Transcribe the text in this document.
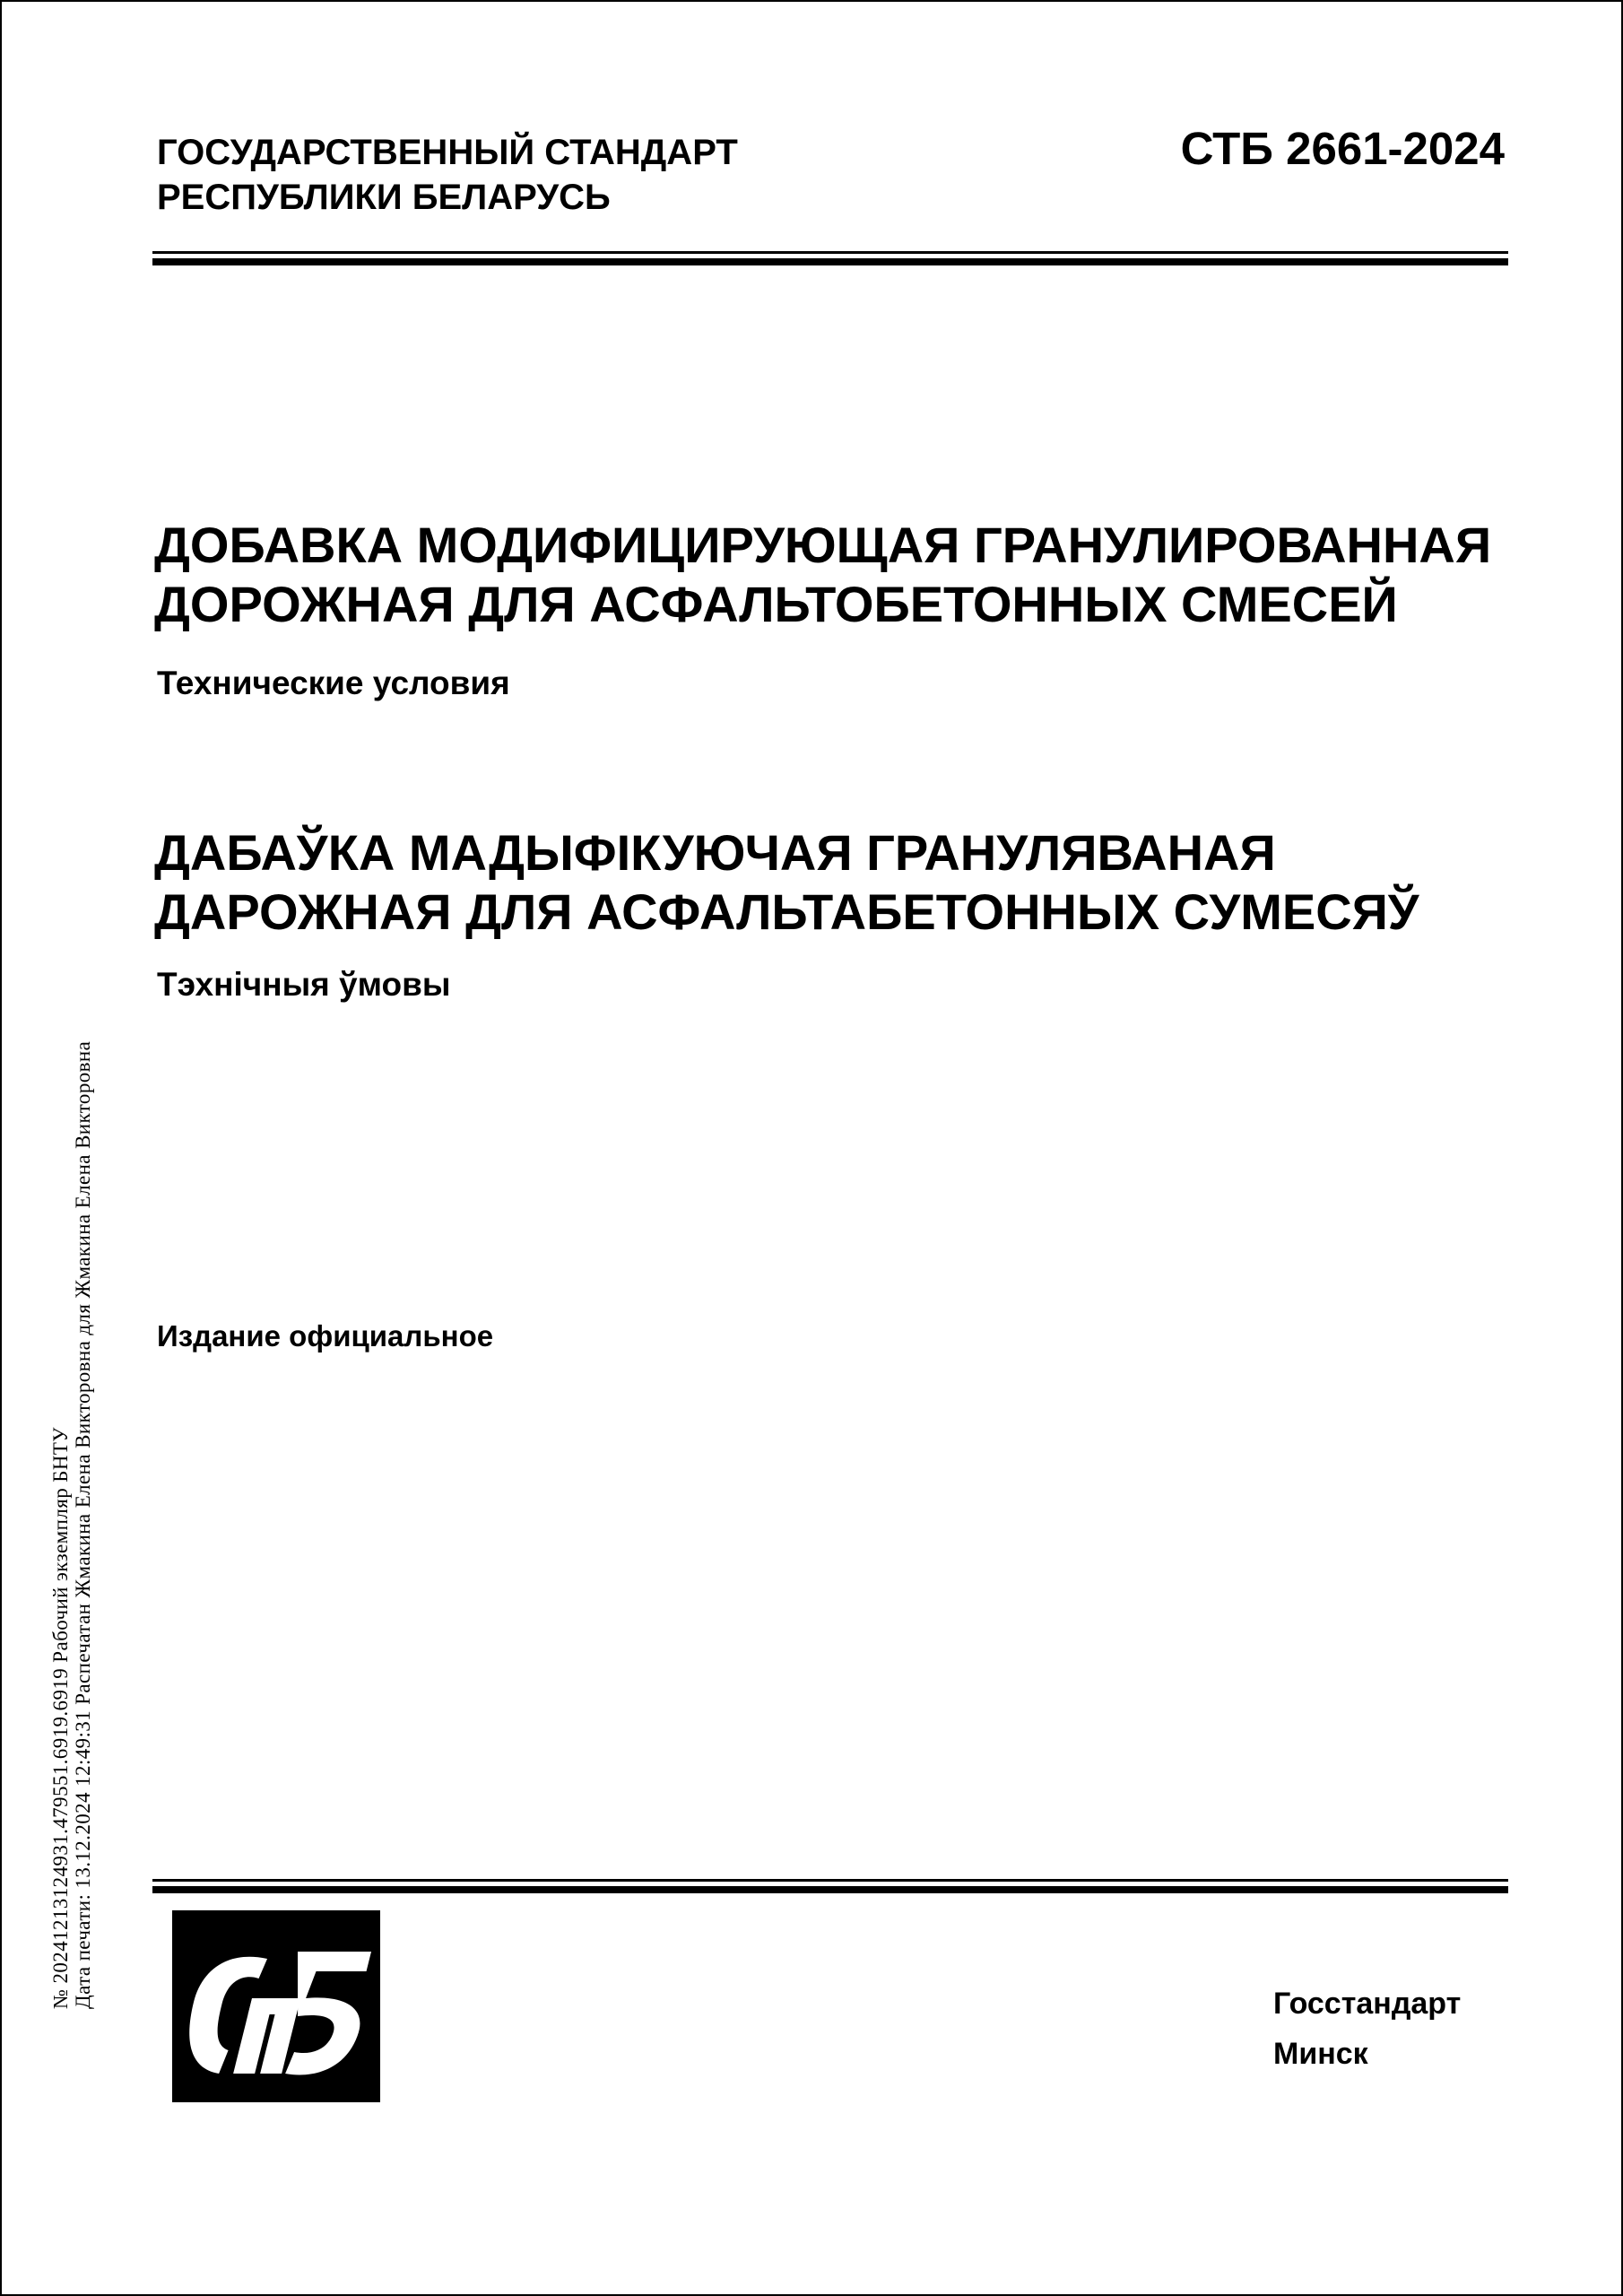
ГОСУДАРСТВЕННЫЙ СТАНДАРТ
РЕСПУБЛИКИ БЕЛАРУСЬ
СТБ 2661-2024
ДОБАВКА МОДИФИЦИРУЮЩАЯ ГРАНУЛИРОВАННАЯ
ДОРОЖНАЯ ДЛЯ АСФАЛЬТОБЕТОННЫХ СМЕСЕЙ
Технические условия
ДАБАЎКА МАДЫФІКУЮЧАЯ ГРАНУЛЯВАНАЯ
ДАРОЖНАЯ ДЛЯ АСФАЛЬТАБЕТОННЫХ СУМЕСЯЎ
Тэхнічныя ўмовы
Издание официальное
№ 20241213124931.479551.6919.6919 Рабочий экземпляр БНТУ Дата печати: 13.12.2024 12:49:31 Распечатан Жмакина Елена Викторовна для Жмакина Елена Викторовна	Госстандарт
Минск
